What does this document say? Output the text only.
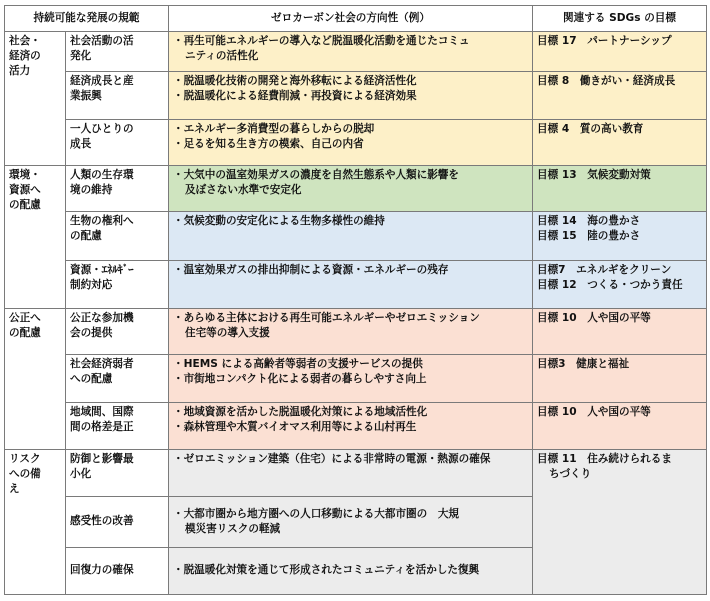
持続可能な発展の規範		ゼロカーボン社会の方向性（例）	関連する SDGs の目標

社会・
経済の
活力	社会活動の活
発化	・再生可能エネルギーの導入など脱温暖化活動を通じたコミュ
ニティの活性化	目標 17　パートナーシップ

	経済成長と産
業振興	・脱温暖化技術の開発と海外移転による経済活性化
・脱温暖化による経費削減・再投資による経済効果	目標 8　働きがい・経済成長

	一人ひとりの
成長	・エネルギー多消費型の暮らしからの脱却
・足るを知る生き方の模索、自己の内省	目標 4　質の高い教育

環境・
資源へ
の配慮	人類の生存環
境の維持	・大気中の温室効果ガスの濃度を自然生態系や人類に影響を
及ぼさない水準で安定化	目標 13　気候変動対策

	生物の権利へ
の配慮	・気候変動の安定化による生物多様性の維持	目標 14　海の豊かさ
目標 15　陸の豊かさ

	資源・ｴﾈﾙｷﾞｰ
制約対応	・温室効果ガスの排出抑制による資源・エネルギーの残存	目標7　エネルギをクリーン
目標 12　つくる・つかう責任

公正へ
の配慮	公正な参加機
会の提供	・あらゆる主体における再生可能エネルギーやゼロエミッション
住宅等の導入支援	目標 10　人や国の平等

	社会経済弱者
への配慮	・HEMS による高齢者等弱者の支援サービスの提供
・市街地コンパクト化による弱者の暮らしやすさ向上	目標3　健康と福祉

	地域間、国際
間の格差是正	・地域資源を活かした脱温暖化対策による地域活性化
・森林管理や木質バイオマス利用等による山村再生	目標 10　人や国の平等

リスク
への備
え	防御と影響最
小化	・ゼロエミッション建築（住宅）による非常時の電源・熱源の確保	目標 11　住み続けられるま
ちづくり

	感受性の改善	・大都市圏から地方圏への人口移動による大都市圏の　大規
模災害リスクの軽減	

	回復力の確保	・脱温暖化対策を通じて形成されたコミュニティを活かした復興	
